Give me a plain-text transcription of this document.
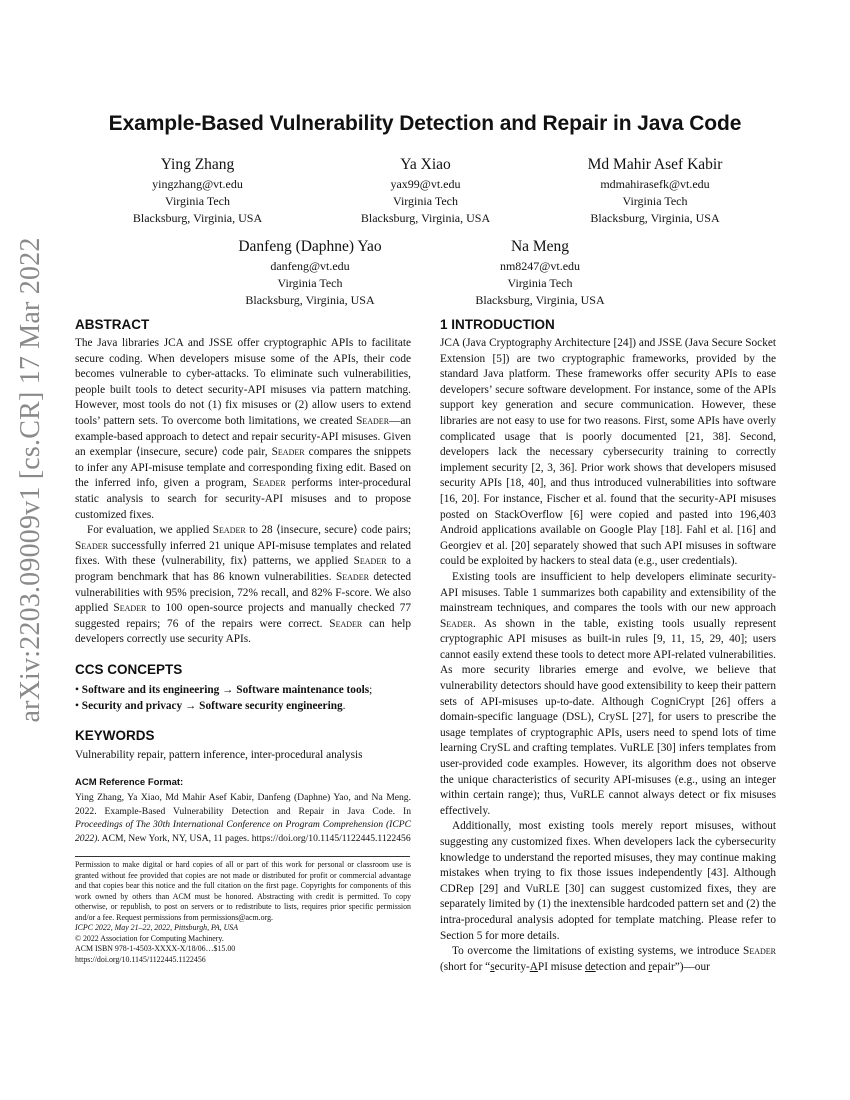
arXiv:2203.09009v1 [cs.CR] 17 Mar 2022
Example-Based Vulnerability Detection and Repair in Java Code
Ying Zhang
yingzhang@vt.edu
Virginia Tech
Blacksburg, Virginia, USA
Ya Xiao
yax99@vt.edu
Virginia Tech
Blacksburg, Virginia, USA
Md Mahir Asef Kabir
mdmahirasefk@vt.edu
Virginia Tech
Blacksburg, Virginia, USA
Danfeng (Daphne) Yao
danfeng@vt.edu
Virginia Tech
Blacksburg, Virginia, USA
Na Meng
nm8247@vt.edu
Virginia Tech
Blacksburg, Virginia, USA
ABSTRACT

The Java libraries JCA and JSSE offer cryptographic APIs to facilitate secure coding. When developers misuse some of the APIs, their code becomes vulnerable to cyber-attacks. To eliminate such vulnerabilities, people built tools to detect security-API misuses via pattern matching. However, most tools do not (1) fix misuses or (2) allow users to extend tools’ pattern sets. To overcome both limitations, we created Seader—an example-based approach to detect and repair security-API misuses. Given an exemplar ⟨insecure, secure⟩ code pair, Seader compares the snippets to infer any API-misuse template and corresponding fixing edit. Based on the inferred info, given a program, Seader performs inter-procedural static analysis to search for security-API misuses and to propose customized fixes.

For evaluation, we applied Seader to 28 ⟨insecure, secure⟩ code pairs; Seader successfully inferred 21 unique API-misuse templates and related fixes. With these ⟨vulnerability, fix⟩ patterns, we applied Seader to a program benchmark that has 86 known vulnerabilities. Seader detected vulnerabilities with 95% precision, 72% recall, and 82% F-score. We also applied Seader to 100 open-source projects and manually checked 77 suggested repairs; 76 of the repairs were correct. Seader can help developers correctly use security APIs.

CCS CONCEPTS
• Software and its engineering → Software maintenance tools;
• Security and privacy → Software security engineering.
KEYWORDS

Vulnerability repair, pattern inference, inter-procedural analysis

ACM Reference Format:

Ying Zhang, Ya Xiao, Md Mahir Asef Kabir, Danfeng (Daphne) Yao, and Na Meng. 2022. Example-Based Vulnerability Detection and Repair in Java Code. In Proceedings of The 30th International Conference on Program Comprehension (ICPC 2022). ACM, New York, NY, USA, 11 pages. https://doi.org/10.1145/1122445.1122456

Permission to make digital or hard copies of all or part of this work for personal or classroom use is granted without fee provided that copies are not made or distributed for profit or commercial advantage and that copies bear this notice and the full citation on the first page. Copyrights for components of this work owned by others than ACM must be honored. Abstracting with credit is permitted. To copy otherwise, or republish, to post on servers or to redistribute to lists, requires prior specific permission and/or a fee. Request permissions from permissions@acm.org.

ICPC 2022, May 21–22, 2022, Pittsburgh, PA, USA

© 2022 Association for Computing Machinery.

ACM ISBN 978-1-4503-XXXX-X/18/06…$15.00

https://doi.org/10.1145/1122445.1122456

1 INTRODUCTION

JCA (Java Cryptography Architecture [24]) and JSSE (Java Secure Socket Extension [5]) are two cryptographic frameworks, provided by the standard Java platform. These frameworks offer security APIs to ease developers’ secure software development. For instance, some of the APIs support key generation and secure communication. However, these libraries are not easy to use for two reasons. First, some APIs have overly complicated usage that is poorly documented [21, 38]. Second, developers lack the necessary cybersecurity training to correctly implement security [2, 3, 36]. Prior work shows that developers misused security APIs [18, 40], and thus introduced vulnerabilities into software [16, 20]. For instance, Fischer et al. found that the security-API misuses posted on StackOverflow [6] were copied and pasted into 196,403 Android applications available on Google Play [18]. Fahl et al. [16] and Georgiev et al. [20] separately showed that such API misuses in software could be exploited by hackers to steal data (e.g., user credentials).

Existing tools are insufficient to help developers eliminate security-API misuses. Table 1 summarizes both capability and extensibility of the mainstream techniques, and compares the tools with our new approach Seader. As shown in the table, existing tools usually represent cryptographic API misuses as built-in rules [9, 11, 15, 29, 40]; users cannot easily extend these tools to detect more API-related vulnerabilities. As more security libraries emerge and evolve, we believe that vulnerability detectors should have good extensibility to keep their pattern sets of API-misuses up-to-date. Although CogniCrypt [26] offers a domain-specific language (DSL), CrySL [27], for users to prescribe the usage templates of cryptographic APIs, users need to spend lots of time learning CrySL and crafting templates. VuRLE [30] infers templates from user-provided code examples. However, its algorithm does not observe the unique characteristics of security API-misuses (e.g., using an integer within certain range); thus, VuRLE cannot always detect or fix misuses effectively.

Additionally, most existing tools merely report misuses, without suggesting any customized fixes. When developers lack the cybersecurity knowledge to understand the reported misuses, they may continue making mistakes when trying to fix those issues independently [43]. Although CDRep [29] and VuRLE [30] can suggest customized fixes, they are separately limited by (1) the inextensible hardcoded pattern set and (2) the intra-procedural analysis adopted for template matching. Please refer to Section 5 for more details.

To overcome the limitations of existing systems, we introduce Seader (short for “security-API misuse detection and repair”)—our
